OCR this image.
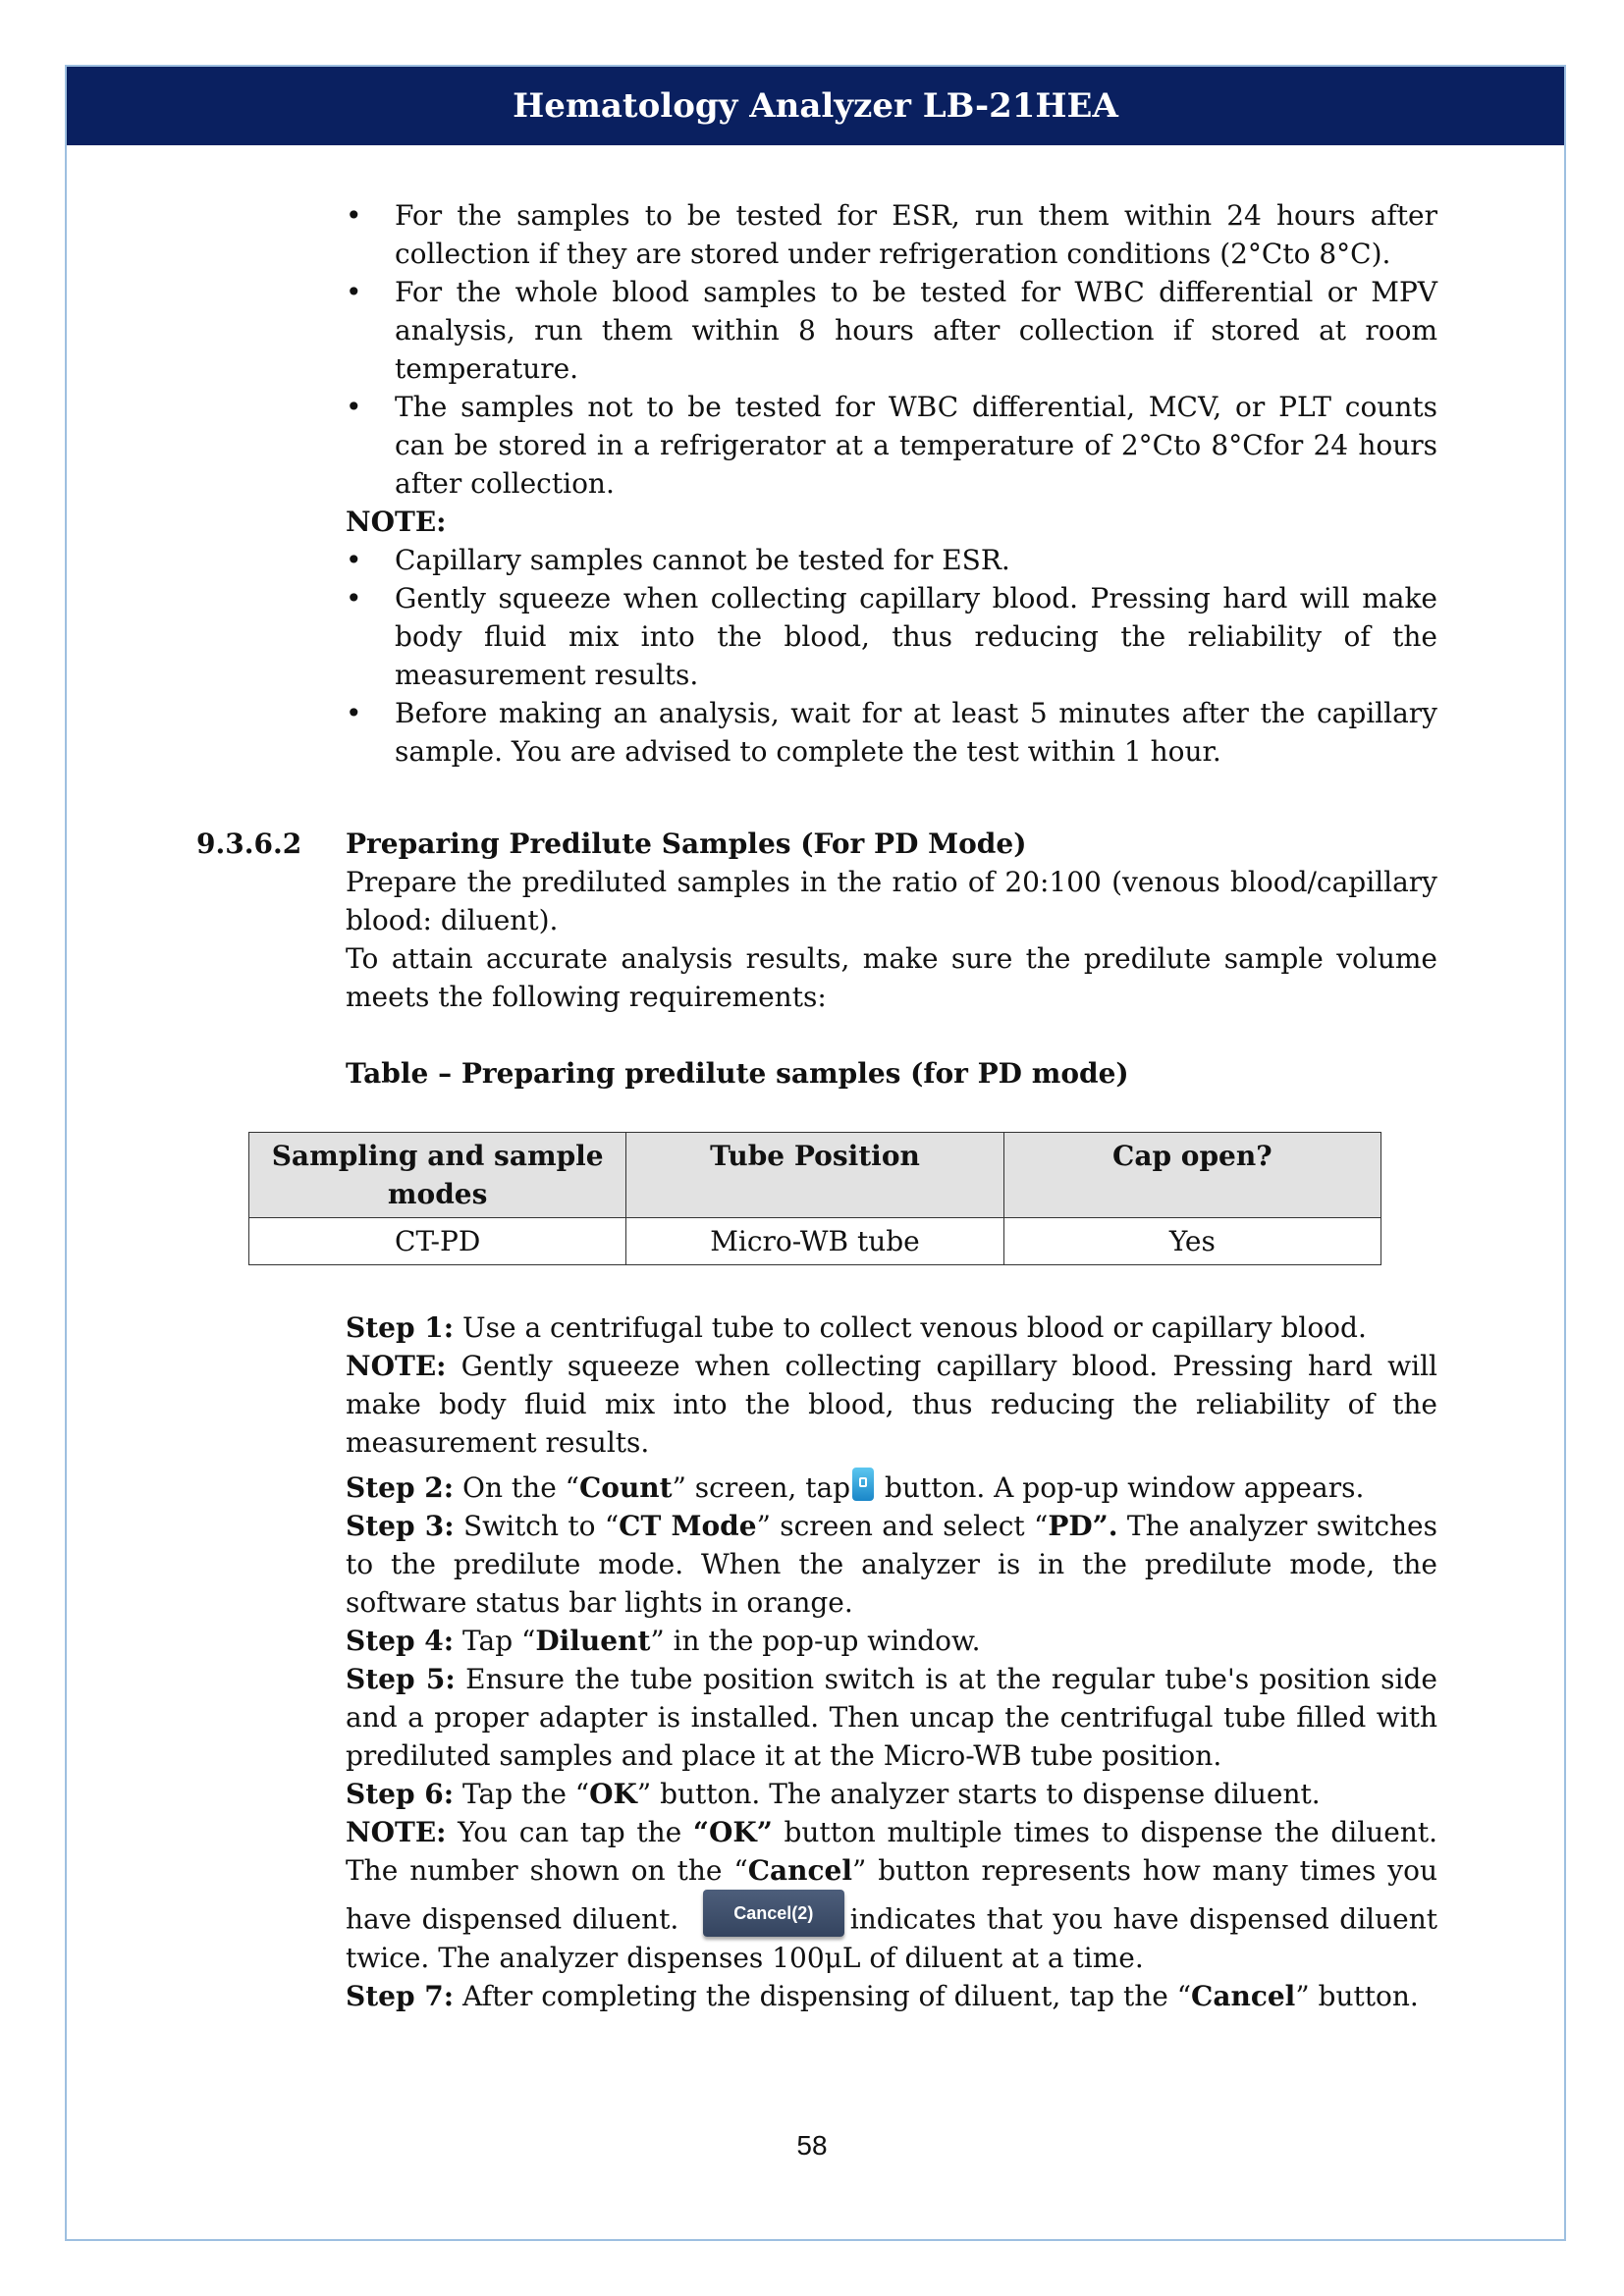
Hematology Analyzer LB-21HEA
• For the samples to be tested for ESR, run them within 24 hours after collection if they are stored under refrigeration conditions (2°Cto 8°C).
• For the whole blood samples to be tested for WBC differential or MPV analysis, run them within 8 hours after collection if stored at room temperature.
• The samples not to be tested for WBC differential, MCV, or PLT counts can be stored in a refrigerator at a temperature of 2°Cto 8°Cfor 24 hours after collection.

NOTE:

• Capillary samples cannot be tested for ESR.
• Gently squeeze when collecting capillary blood. Pressing hard will make body fluid mix into the blood, thus reducing the reliability of the measurement results.
• Before making an analysis, wait for at least 5 minutes after the capillary sample. You are advised to complete the test within 1 hour.
9.3.6.2	Preparing Predilute Samples (For PD Mode)

Prepare the prediluted samples in the ratio of 20:100 (venous blood/capillary blood: diluent).

To attain accurate analysis results, make sure the predilute sample volume meets the following requirements:

Table – Preparing predilute samples (for PD mode)

Sampling and sample modes	Tube Position	Cap open?
CT-PD	Micro-WB tube	Yes

Step 1: Use a centrifugal tube to collect venous blood or capillary blood.

NOTE: Gently squeeze when collecting capillary blood. Pressing hard will make body fluid mix into the blood, thus reducing the reliability of the measurement results.

Step 2: On the “Count” screen, tap button. A pop-up window appears.

Step 3: Switch to “CT Mode” screen and select “PD”. The analyzer switches to the predilute mode. When the analyzer is in the predilute mode, the software status bar lights in orange.

Step 4: Tap “Diluent” in the pop-up window.

Step 5: Ensure the tube position switch is at the regular tube's position side and a proper adapter is installed. Then uncap the centrifugal tube filled with prediluted samples and place it at the Micro-WB tube position.

Step 6: Tap the “OK” button. The analyzer starts to dispense diluent.

NOTE: You can tap the “OK” button multiple times to dispense the diluent. The number shown on the “Cancel” button represents how many times you have dispensed diluent.	Cancel(2) indicates that you have dispensed diluent twice. The analyzer dispenses 100μL of diluent at a time.

Step 7: After completing the dispensing of diluent, tap the “Cancel” button.

58
